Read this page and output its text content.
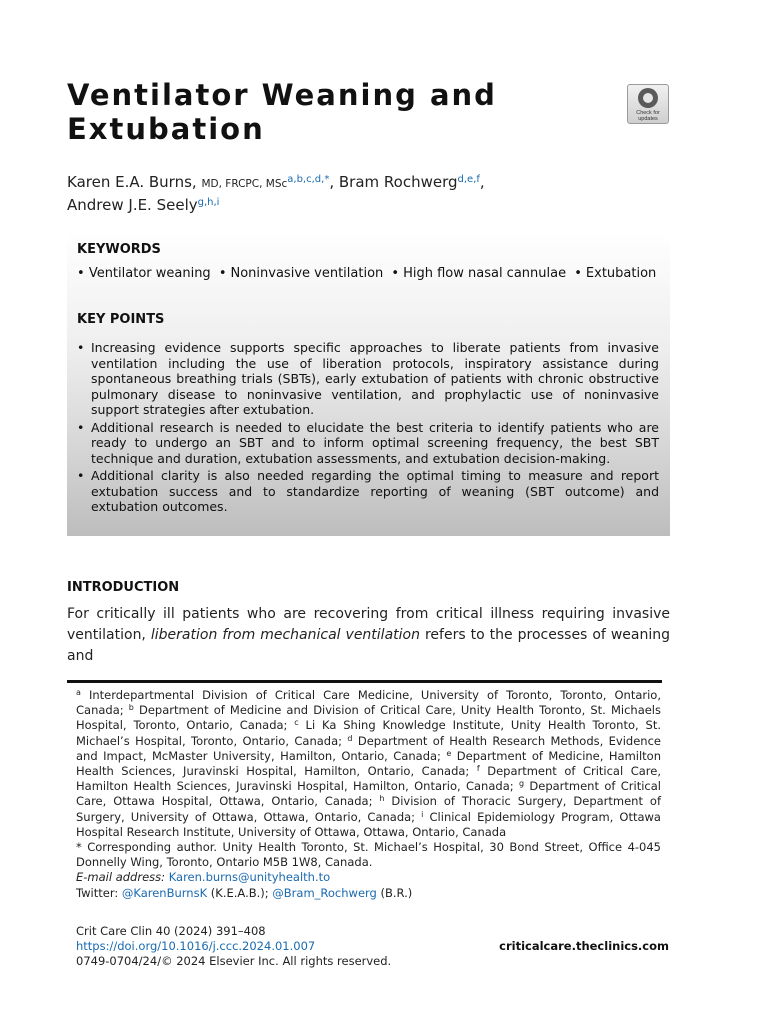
Ventilator Weaning and Extubation	Check for
updates
Karen E.A. Burns, MD, FRCPC, MSc$^{a,b,c,d,*}$, Bram Rochwerg$^{d,e,f}$,
Andrew J.E. Seely$^{g,h,i}$
KEYWORDS
• Ventilator weaning • Noninvasive ventilation • High flow nasal cannulae • Extubation
KEY POINTS
• Increasing evidence supports specific approaches to liberate patients from invasive ventilation including the use of liberation protocols, inspiratory assistance during spontaneous breathing trials (SBTs), early extubation of patients with chronic obstructive pulmonary disease to noninvasive ventilation, and prophylactic use of noninvasive support strategies after extubation.
• Additional research is needed to elucidate the best criteria to identify patients who are ready to undergo an SBT and to inform optimal screening frequency, the best SBT technique and duration, extubation assessments, and extubation decision-making.
• Additional clarity is also needed regarding the optimal timing to measure and report extubation success and to standardize reporting of weaning (SBT outcome) and extubation outcomes.
INTRODUCTION

For critically ill patients who are recovering from critical illness requiring invasive ventilation, liberation from mechanical ventilation refers to the processes of weaning and

$^a$ Interdepartmental Division of Critical Care Medicine, University of Toronto, Toronto, Ontario, Canada; $^b$ Department of Medicine and Division of Critical Care, Unity Health Toronto, St. Michaels Hospital, Toronto, Ontario, Canada; $^c$ Li Ka Shing Knowledge Institute, Unity Health Toronto, St. Michael’s Hospital, Toronto, Ontario, Canada; $^d$ Department of Health Research Methods, Evidence and Impact, McMaster University, Hamilton, Ontario, Canada; $^e$ Department of Medicine, Hamilton Health Sciences, Juravinski Hospital, Hamilton, Ontario, Canada; $^f$ Department of Critical Care, Hamilton Health Sciences, Juravinski Hospital, Hamilton, Ontario, Canada; $^g$ Department of Critical Care, Ottawa Hospital, Ottawa, Ontario, Canada; $^h$ Division of Thoracic Surgery, Department of Surgery, University of Ottawa, Ottawa, Ontario, Canada; $^i$ Clinical Epidemiology Program, Ottawa Hospital Research Institute, University of Ottawa, Ottawa, Ontario, Canada
* Corresponding author. Unity Health Toronto, St. Michael’s Hospital, 30 Bond Street, Office 4-045 Donnelly Wing, Toronto, Ontario M5B 1W8, Canada.
E-mail address: Karen.burns@unityhealth.to
Twitter: @KarenBurnsK (K.E.A.B.); @Bram_Rochwerg (B.R.)

Crit Care Clin 40 (2024) 391–408
https://doi.org/10.1016/j.ccc.2024.01.007
0749-0704/24/© 2024 Elsevier Inc. All rights reserved.
criticalcare.theclinics.com
